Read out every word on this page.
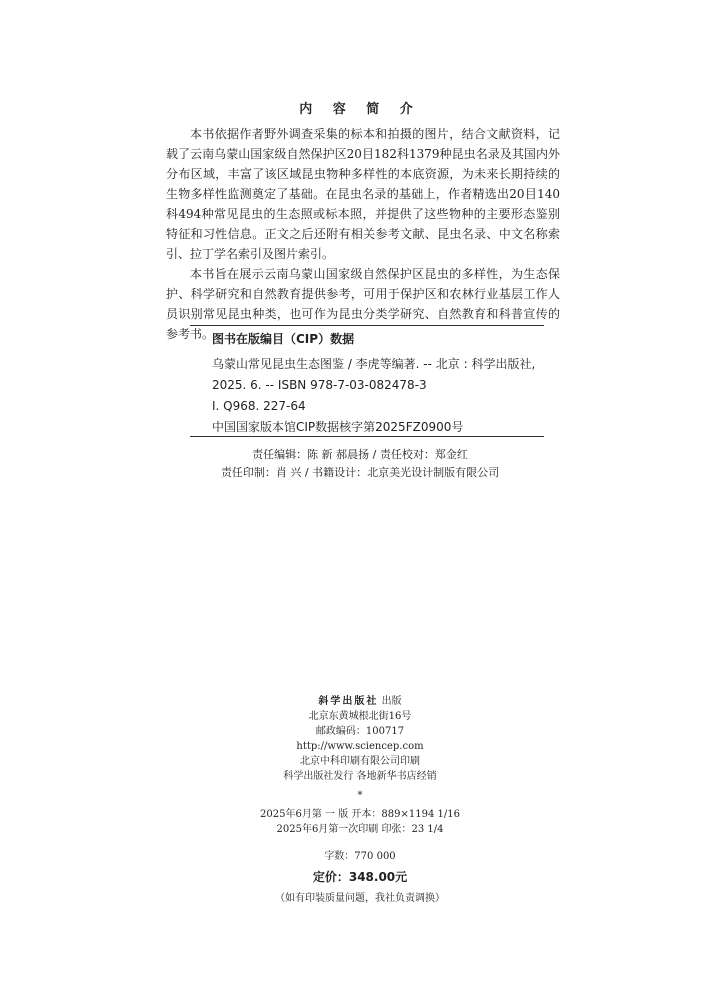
内 容 简 介

本书依据作者野外调查采集的标本和拍摄的图片，结合文献资料，记载了云南乌蒙山国家级自然保护区20目182科1379种昆虫名录及其国内外分布区域，丰富了该区域昆虫物种多样性的本底资源，为未来长期持续的生物多样性监测奠定了基础。在昆虫名录的基础上，作者精选出20目140科494种常见昆虫的生态照或标本照，并提供了这些物种的主要形态鉴别特征和习性信息。正文之后还附有相关参考文献、昆虫名录、中文名称索引、拉丁学名索引及图片索引。

本书旨在展示云南乌蒙山国家级自然保护区昆虫的多样性，为生态保护、科学研究和自然教育提供参考，可用于保护区和农林行业基层工作人员识别常见昆虫种类，也可作为昆虫分类学研究、自然教育和科普宣传的参考书。

图书在版编目（CIP）数据
乌蒙山常见昆虫生态图鉴 / 李虎等编著. -- 北京 : 科学出版社,
2025. 6. -- ISBN 978-7-03-082478-3
Ⅰ. Q968. 227-64
中国国家版本馆CIP数据核字第2025FZ0900号
责任编辑：陈 新 郝晨扬 / 责任校对：郑金红
责任印制：肖 兴 / 书籍设计：北京美光设计制版有限公司
斜学出版社 出版
北京东黄城根北街16号
邮政编码：100717
http://www.sciencep.com
北京中科印刷有限公司印刷
科学出版社发行 各地新华书店经销
*
2025年6月第 一 版 开本：889×1194 1/16
2025年6月第一次印刷 印张：23 1/4
字数：770 000
定价：348.00元
（如有印装质量问题，我社负责调换）
